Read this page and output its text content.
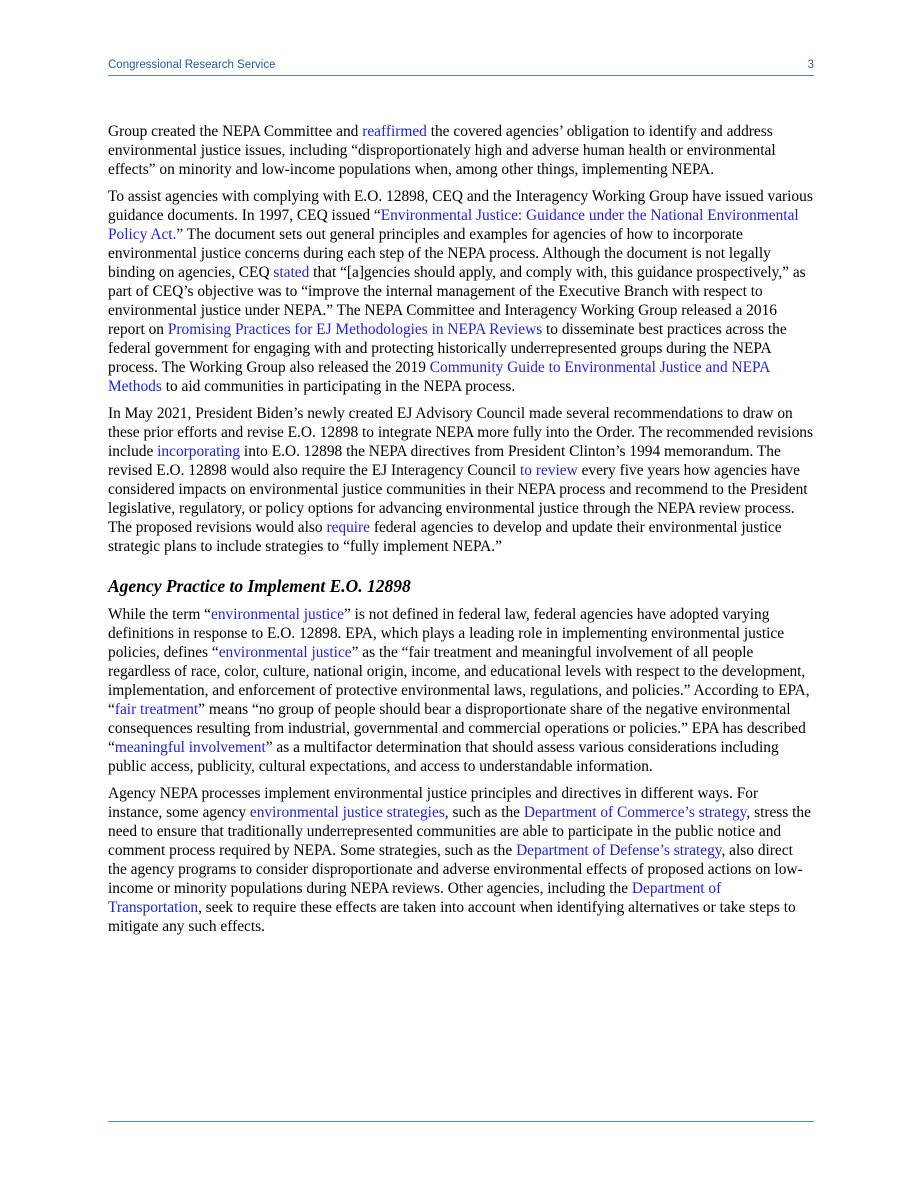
Congressional Research Service	3

Group created the NEPA Committee and reaffirmed the covered agencies’ obligation to identify and address environmental justice issues, including “disproportionately high and adverse human health or environmental effects” on minority and low-income populations when, among other things, implementing NEPA.

To assist agencies with complying with E.O. 12898, CEQ and the Interagency Working Group have issued various guidance documents. In 1997, CEQ issued “Environmental Justice: Guidance under the National Environmental Policy Act.” The document sets out general principles and examples for agencies of how to incorporate environmental justice concerns during each step of the NEPA process. Although the document is not legally binding on agencies, CEQ stated that “[a]gencies should apply, and comply with, this guidance prospectively,” as part of CEQ’s objective was to “improve the internal management of the Executive Branch with respect to environmental justice under NEPA.” The NEPA Committee and Interagency Working Group released a 2016 report on Promising Practices for EJ Methodologies in NEPA Reviews to disseminate best practices across the federal government for engaging with and protecting historically underrepresented groups during the NEPA process. The Working Group also released the 2019 Community Guide to Environmental Justice and NEPA Methods to aid communities in participating in the NEPA process.

In May 2021, President Biden’s newly created EJ Advisory Council made several recommendations to draw on these prior efforts and revise E.O. 12898 to integrate NEPA more fully into the Order. The recommended revisions include incorporating into E.O. 12898 the NEPA directives from President Clinton’s 1994 memorandum. The revised E.O. 12898 would also require the EJ Interagency Council to review every five years how agencies have considered impacts on environmental justice communities in their NEPA process and recommend to the President legislative, regulatory, or policy options for advancing environmental justice through the NEPA review process. The proposed revisions would also require federal agencies to develop and update their environmental justice strategic plans to include strategies to “fully implement NEPA.”

Agency Practice to Implement E.O. 12898

While the term “environmental justice” is not defined in federal law, federal agencies have adopted varying definitions in response to E.O. 12898. EPA, which plays a leading role in implementing environmental justice policies, defines “environmental justice” as the “fair treatment and meaningful involvement of all people regardless of race, color, culture, national origin, income, and educational levels with respect to the development, implementation, and enforcement of protective environmental laws, regulations, and policies.” According to EPA, “fair treatment” means “no group of people should bear a disproportionate share of the negative environmental consequences resulting from industrial, governmental and commercial operations or policies.” EPA has described “meaningful involvement” as a multifactor determination that should assess various considerations including public access, publicity, cultural expectations, and access to understandable information.

Agency NEPA processes implement environmental justice principles and directives in different ways. For instance, some agency environmental justice strategies, such as the Department of Commerce’s strategy, stress the need to ensure that traditionally underrepresented communities are able to participate in the public notice and comment process required by NEPA. Some strategies, such as the Department of Defense’s strategy, also direct the agency programs to consider disproportionate and adverse environmental effects of proposed actions on low-income or minority populations during NEPA reviews. Other agencies, including the Department of Transportation, seek to require these effects are taken into account when identifying alternatives or take steps to mitigate any such effects.
